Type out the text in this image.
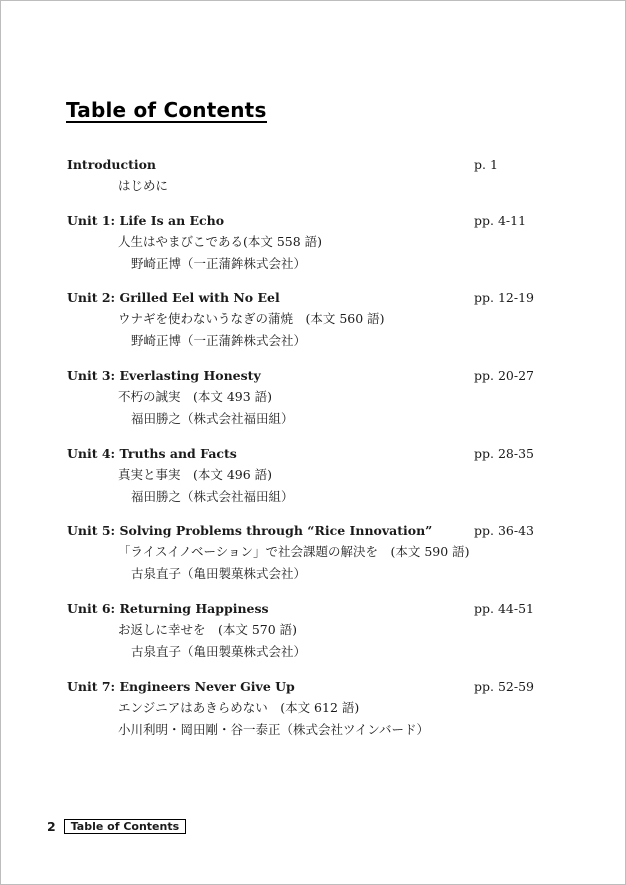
Table of Contents
Introduction	p. 1
はじめに
Unit 1: Life Is an Echo	pp. 4-11
人生はやまびこである(本文 558 語)
野崎正博（一正蒲鉾株式会社）
Unit 2: Grilled Eel with No Eel	pp. 12-19
ウナギを使わないうなぎの蒲焼　(本文 560 語)
野崎正博（一正蒲鉾株式会社）
Unit 3: Everlasting Honesty	pp. 20-27
不朽の誠実　(本文 493 語)
福田勝之（株式会社福田組）
Unit 4: Truths and Facts	pp. 28-35
真実と事実　(本文 496 語)
福田勝之（株式会社福田組）
Unit 5: Solving Problems through “Rice Innovation”	pp. 36-43
「ライスイノベーション」で社会課題の解決を　(本文 590 語)
古泉直子（亀田製菓株式会社）
Unit 6: Returning Happiness	pp. 44-51
お返しに幸せを　(本文 570 語)
古泉直子（亀田製菓株式会社）
Unit 7: Engineers Never Give Up	pp. 52-59
エンジニアはあきらめない　(本文 612 語)
小川利明・岡田剛・谷一泰正（株式会社ツインバード）
2	Table of Contents
